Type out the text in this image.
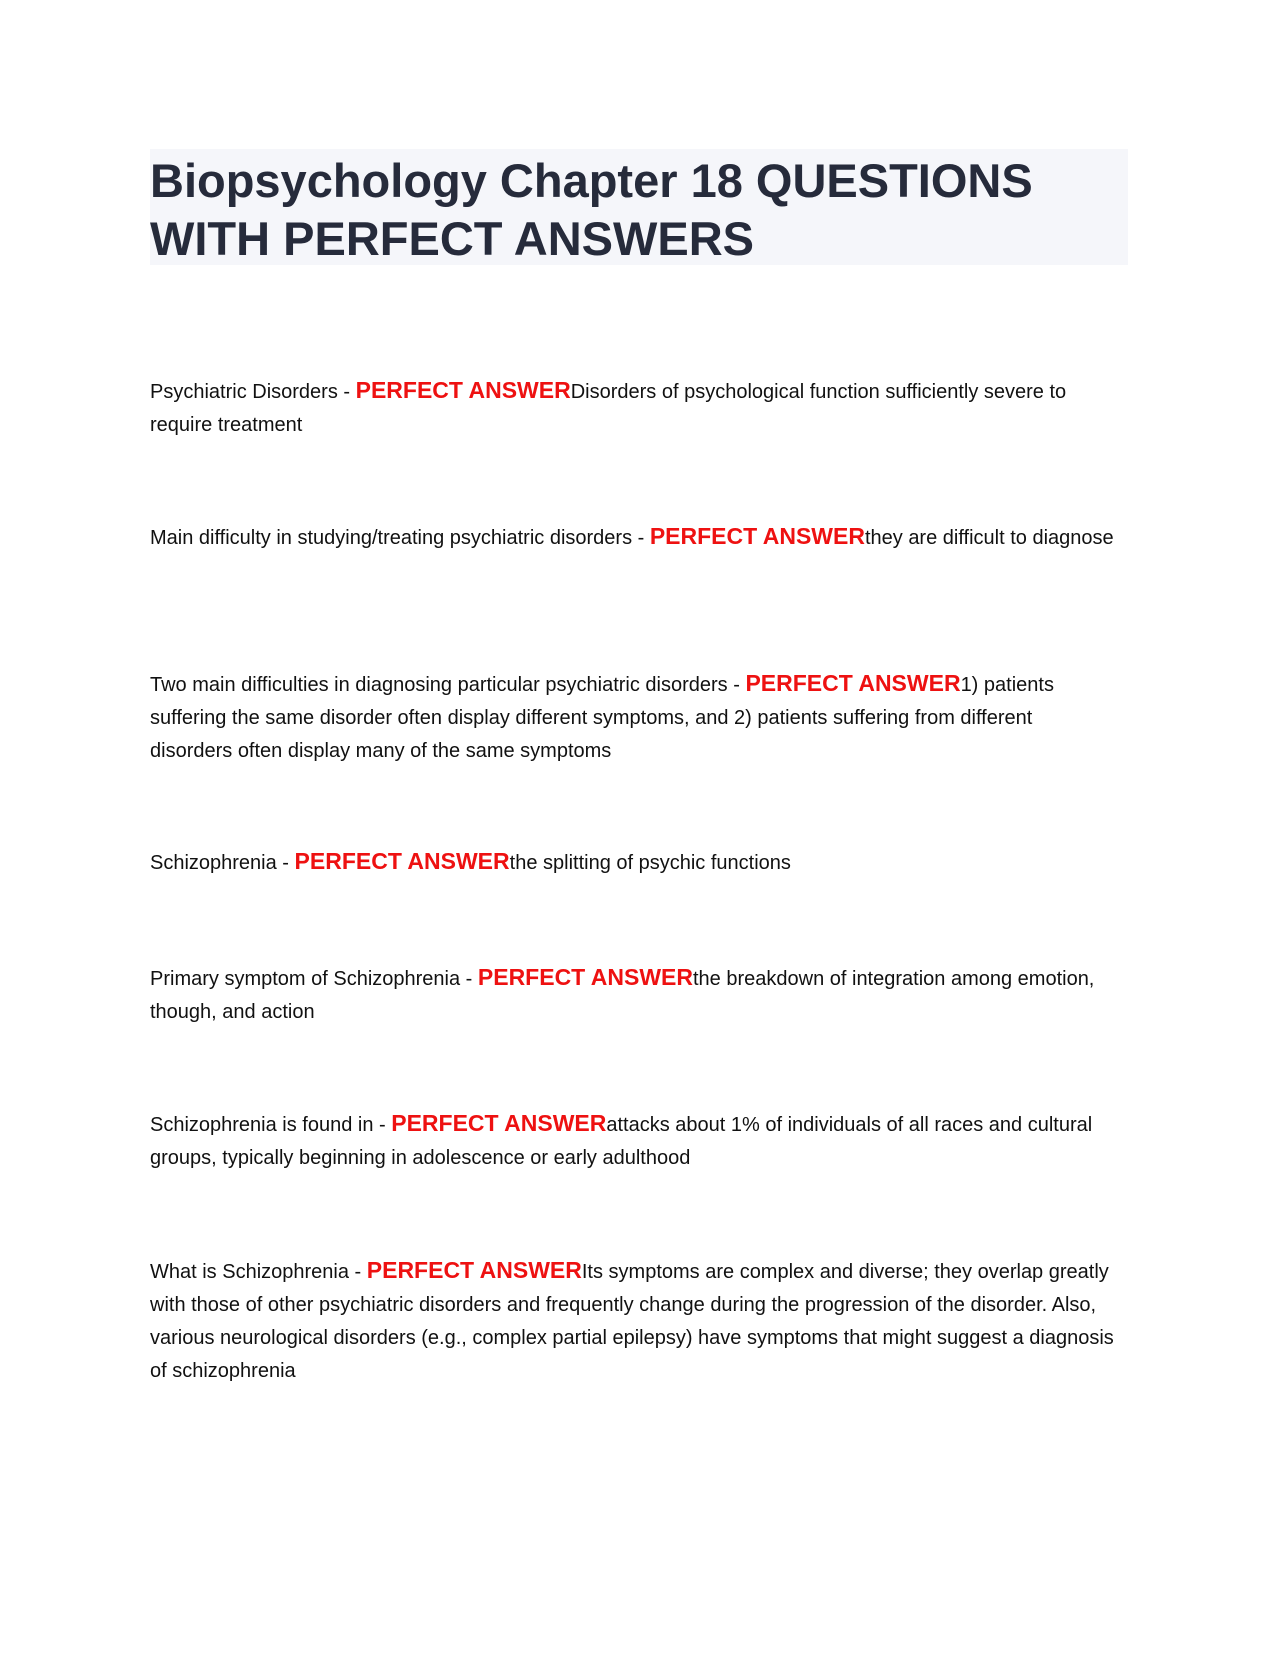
Biopsychology Chapter 18 QUESTIONS WITH PERFECT ANSWERS

Psychiatric Disorders - PERFECT ANSWERDisorders of psychological function sufficiently severe to require treatment

Main difficulty in studying/treating psychiatric disorders - PERFECT ANSWERthey are difficult to diagnose

Two main difficulties in diagnosing particular psychiatric disorders - PERFECT ANSWER1) patients suffering the same disorder often display different symptoms, and 2) patients suffering from different disorders often display many of the same symptoms

Schizophrenia - PERFECT ANSWERthe splitting of psychic functions

Primary symptom of Schizophrenia - PERFECT ANSWERthe breakdown of integration among emotion, though, and action

Schizophrenia is found in - PERFECT ANSWERattacks about 1% of individuals of all races and cultural groups, typically beginning in adolescence or early adulthood

What is Schizophrenia - PERFECT ANSWERIts symptoms are complex and diverse; they overlap greatly with those of other psychiatric disorders and frequently change during the progression of the disorder. Also, various neurological disorders (e.g., complex partial epilepsy) have symptoms that might suggest a diagnosis of schizophrenia
